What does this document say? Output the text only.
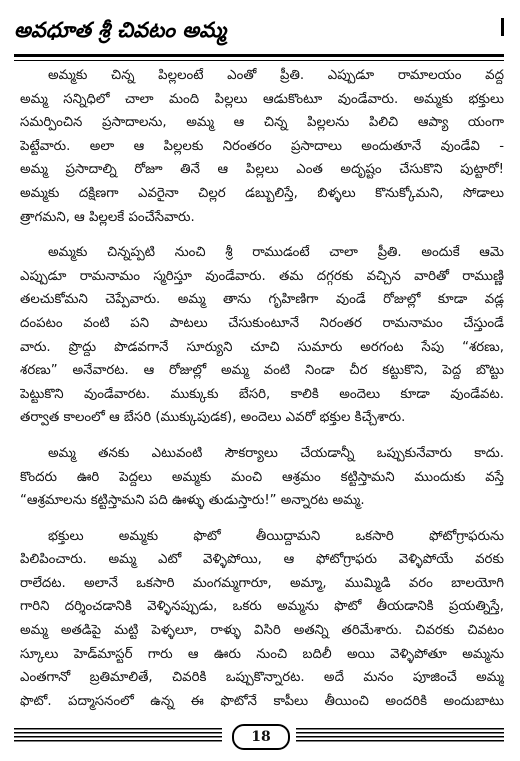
అవధూత శ్రీ చివటం అమ్మ
అమ్మకు చిన్న పిల్లలంటే ఎంతో ప్రీతి. ఎప్పుడూ రామాలయం వద్ద
అమ్మ సన్నిధిలో చాలా మంది పిల్లలు ఆడుకొంటూ వుండేవారు. అమ్మకు భక్తులు
సమర్పించిన ప్రసాదాలను, అమ్మ ఆ చిన్న పిల్లలను పిలిచి ఆప్యా యంగా
పెట్టేవారు. అలా ఆ పిల్లలకు నిరంతరం ప్రసాదాలు అందుతూనే వుండేవి -
అమ్మ ప్రసాదాల్ని రోజూ తినే ఆ పిల్లలు ఎంత అదృష్టం చేసుకొని పుట్టారో!
అమ్మకు దక్షిణగా ఎవరైనా చిల్లర డబ్బులిస్తే, బిళ్ళలు కొనుక్కోమని, సోడాలు
త్రాగమని, ఆ పిల్లలకే పంచేసేవారు.
అమ్మకు చిన్నప్పటి నుంచి శ్రీ రాముడంటే చాలా ప్రీతి. అందుకే ఆమె
ఎప్పుడూ రామనామం స్మరిస్తూ వుండేవారు. తమ దగ్గరకు వచ్చిన వారితో రాముణ్ణి
తలచుకోమని చెప్పేవారు. అమ్మ తాను గృహిణిగా వుండే రోజుల్లో కూడా వడ్ల
దంపటం వంటి పని పాటలు చేసుకుంటూనే నిరంతర రామనామం చేస్తుండే
వారు. ప్రొద్దు పొడవగానే సూర్యుని చూచి సుమారు అరగంట సేపు “శరణు,
శరణు” అనేవారట. ఆ రోజుల్లో అమ్మ వంటి నిండా చీర కట్టుకొని, పెద్ద బొట్టు
పెట్టుకొని వుండేవారట. ముక్కుకు బేసరి, కాలికి అందెలు కూడా వుండేవట.
తర్వాత కాలంలో ఆ బేసరి (ముక్కుపుడక), అందెలు ఎవరో భక్తుల కిచ్చేశారు.
అమ్మ తనకు ఎటువంటి సౌకర్యాలు చేయడాన్నీ ఒప్పుకునేవారు కాదు.
కొందరు ఊరి పెద్దలు అమ్మకు మంచి ఆశ్రమం కట్టిస్తామని ముందుకు వస్తే
“ఆశ్రమాలను కట్టిస్తామని పది ఊళ్ళు తుడుస్తారు!” అన్నారట అమ్మ.
భక్తులు అమ్మకు ఫొటో తీయిద్దామని ఒకసారి ఫోటోగ్రాఫరును
పిలిపించారు. అమ్మ ఎటో వెళ్ళిపోయి, ఆ ఫోటోగ్రాఫరు వెళ్ళిపోయే వరకు
రాలేదట. అలానే ఒకసారి మంగమ్మగారూ, అమ్మా, ముమ్మిడి వరం బాలయోగి
గారిని దర్శించడానికి వెళ్ళినప్పుడు, ఒకరు అమ్మను ఫొటో తీయడానికి ప్రయత్నిస్తే,
అమ్మ అతడిపై మట్టి పెళ్ళలూ, రాళ్ళు విసిరి అతన్ని తరిమేశారు. చివరకు చివటం
స్కూలు హెడ్‌మాస్టర్ గారు ఆ ఊరు నుంచి బదిలీ అయి వెళ్ళిపోతూ అమ్మను
ఎంతగానో బ్రతిమాలితే, చివరికి ఒప్పుకొన్నారట. అదే మనం పూజించే అమ్మ
ఫొటో. పద్మాసనంలో ఉన్న ఈ ఫొటోనే కాపీలు తీయించి అందరికి అందుబాటు
18
